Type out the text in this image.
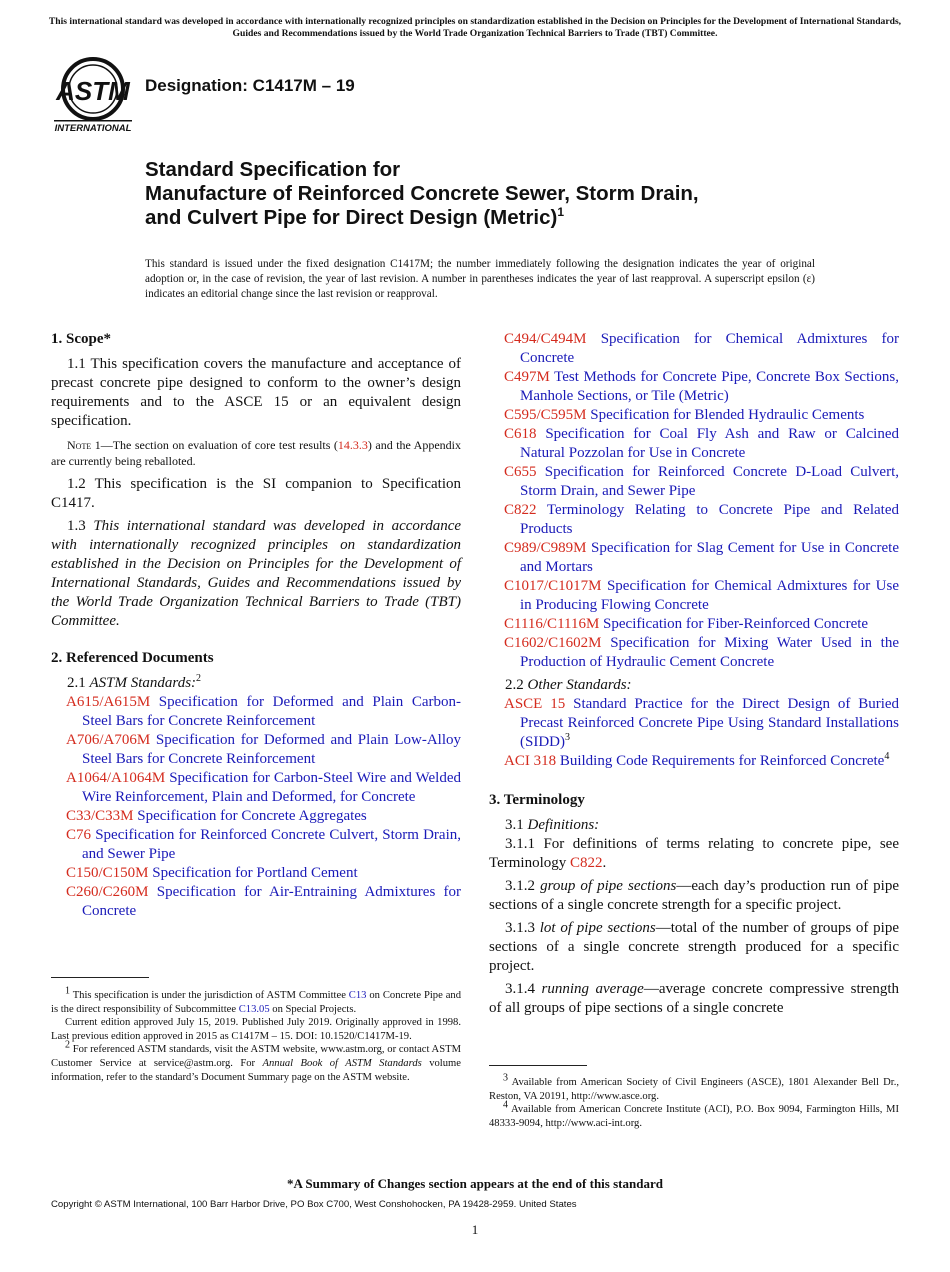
This international standard was developed in accordance with internationally recognized principles on standardization established in the Decision on Principles for the Development of International Standards, Guides and Recommendations issued by the World Trade Organization Technical Barriers to Trade (TBT) Committee.
ASTM
INTERNATIONAL
Designation: C1417M – 19
Standard Specification for
Manufacture of Reinforced Concrete Sewer, Storm Drain,
and Culvert Pipe for Direct Design (Metric)$^1$
This standard is issued under the fixed designation C1417M; the number immediately following the designation indicates the year of original adoption or, in the case of revision, the year of last revision. A number in parentheses indicates the year of last reapproval. A superscript epsilon (ε) indicates an editorial change since the last revision or reapproval.

1. Scope*

1.1 This specification covers the manufacture and acceptance of precast concrete pipe designed to conform to the owner’s design requirements and to the ASCE 15 or an equivalent design specification.

Note 1—The section on evaluation of core test results (14.3.3) and the Appendix are currently being reballoted.

1.2 This specification is the SI companion to Specification C1417.

1.3 This international standard was developed in accordance with internationally recognized principles on standardization established in the Decision on Principles for the Development of International Standards, Guides and Recommendations issued by the World Trade Organization Technical Barriers to Trade (TBT) Committee.

2. Referenced Documents

2.1 ASTM Standards:$^2$

A615/A615M Specification for Deformed and Plain Carbon-Steel Bars for Concrete Reinforcement

A706/A706M Specification for Deformed and Plain Low-Alloy Steel Bars for Concrete Reinforcement

A1064/A1064M Specification for Carbon-Steel Wire and Welded Wire Reinforcement, Plain and Deformed, for Concrete

C33/C33M Specification for Concrete Aggregates

C76 Specification for Reinforced Concrete Culvert, Storm Drain, and Sewer Pipe

C150/C150M Specification for Portland Cement

C260/C260M Specification for Air-Entraining Admixtures for Concrete

C494/C494M Specification for Chemical Admixtures for Concrete

C497M Test Methods for Concrete Pipe, Concrete Box Sections, Manhole Sections, or Tile (Metric)

C595/C595M Specification for Blended Hydraulic Cements

C618 Specification for Coal Fly Ash and Raw or Calcined Natural Pozzolan for Use in Concrete

C655 Specification for Reinforced Concrete D-Load Culvert, Storm Drain, and Sewer Pipe

C822 Terminology Relating to Concrete Pipe and Related Products

C989/C989M Specification for Slag Cement for Use in Concrete and Mortars

C1017/C1017M Specification for Chemical Admixtures for Use in Producing Flowing Concrete

C1116/C1116M Specification for Fiber-Reinforced Concrete

C1602/C1602M Specification for Mixing Water Used in the Production of Hydraulic Cement Concrete

2.2 Other Standards:

ASCE 15 Standard Practice for the Direct Design of Buried Precast Reinforced Concrete Pipe Using Standard Installations (SIDD)$^3$

ACI 318 Building Code Requirements for Reinforced Concrete$^4$

3. Terminology

3.1 Definitions:

3.1.1 For definitions of terms relating to concrete pipe, see Terminology C822.

3.1.2 group of pipe sections—each day’s production run of pipe sections of a single concrete strength for a specific project.

3.1.3 lot of pipe sections—total of the number of groups of pipe sections of a single concrete strength produced for a specific project.

3.1.4 running average—average concrete compressive strength of all groups of pipe sections of a single concrete

$^1$ This specification is under the jurisdiction of ASTM Committee C13 on Concrete Pipe and is the direct responsibility of Subcommittee C13.05 on Special Projects.

Current edition approved July 15, 2019. Published July 2019. Originally approved in 1998. Last previous edition approved in 2015 as C1417M – 15. DOI: 10.1520/C1417M-19.

$^2$ For referenced ASTM standards, visit the ASTM website, www.astm.org, or contact ASTM Customer Service at service@astm.org. For Annual Book of ASTM Standards volume information, refer to the standard’s Document Summary page on the ASTM website.	$^3$ Available from American Society of Civil Engineers (ASCE), 1801 Alexander Bell Dr., Reston, VA 20191, http://www.asce.org.

$^4$ Available from American Concrete Institute (ACI), P.O. Box 9094, Farmington Hills, MI 48333-9094, http://www.aci-int.org.

*A Summary of Changes section appears at the end of this standard
Copyright © ASTM International, 100 Barr Harbor Drive, PO Box C700, West Conshohocken, PA 19428-2959. United States
1
